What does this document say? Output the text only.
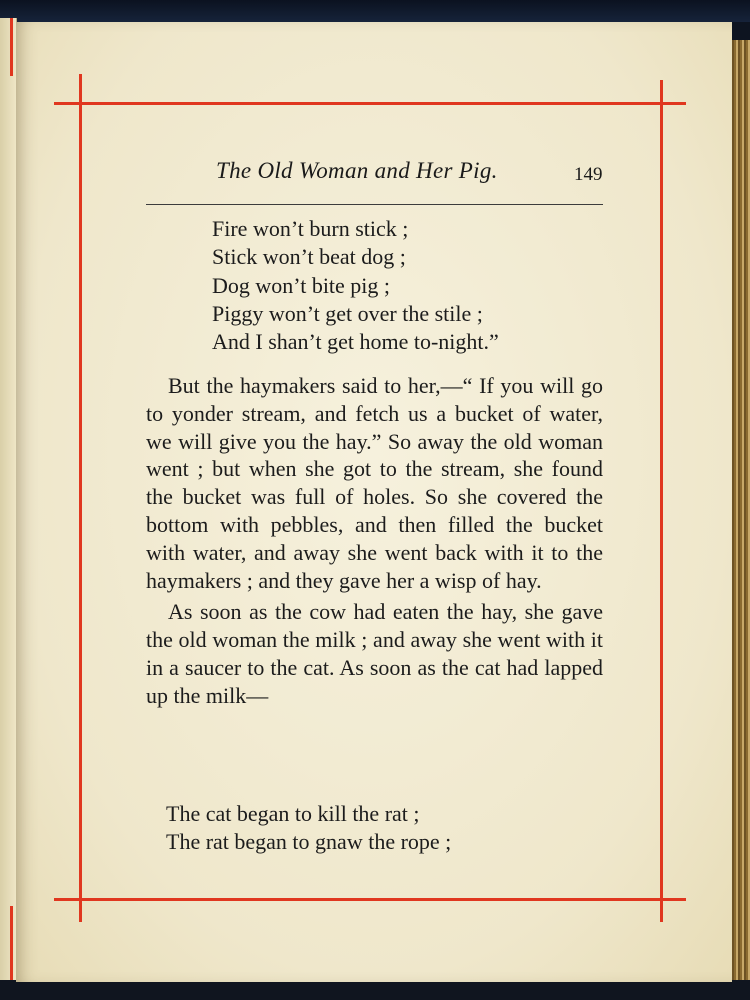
The Old Woman and Her Pig.	149
Fire won’t burn stick ;
Stick won’t beat dog ;
Dog won’t bite pig ;
Piggy won’t get over the stile ;
And I shan’t get home to-night.”

But the haymakers said to her,—“ If you will go to yonder stream, and fetch us a bucket of water, we will give you the hay.” So away the old woman went ; but when she got to the stream, she found the bucket was full of holes. So she covered the bottom with pebbles, and then filled the bucket with water, and away she went back with it to the haymakers ; and they gave her a wisp of hay.

As soon as the cow had eaten the hay, she gave the old woman the milk ; and away she went with it in a saucer to the cat. As soon as the cat had lapped up the milk—

The cat began to kill the rat ;
The rat began to gnaw the rope ;
